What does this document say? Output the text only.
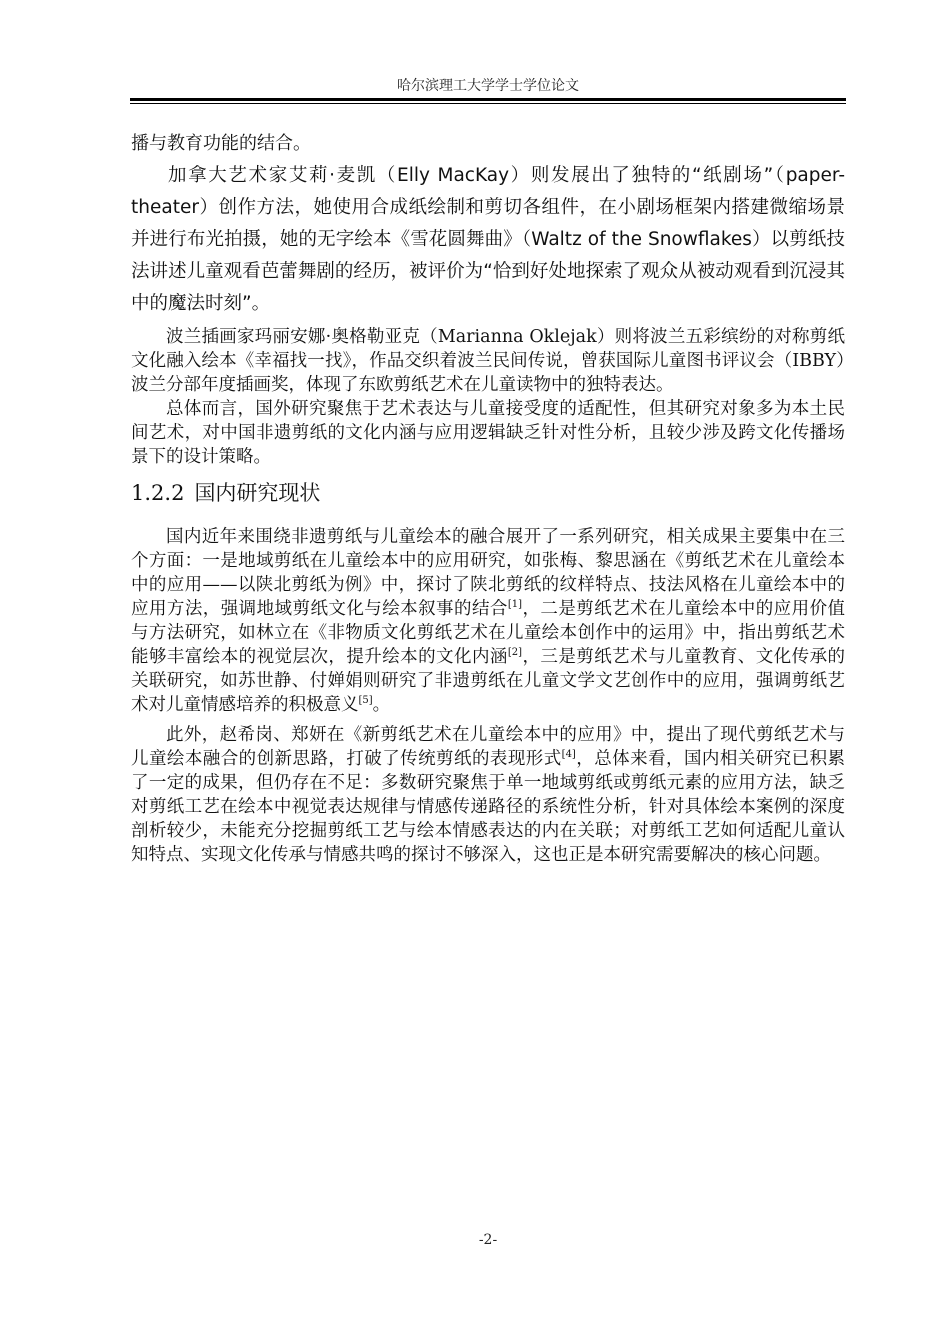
哈尔滨理工大学学士学位论文

播与教育功能的结合。

加拿大艺术家艾莉·麦凯（Elly MacKay）则发展出了独特的“纸剧场”（paper-theater）创作方法，她使用合成纸绘制和剪切各组件，在小剧场框架内搭建微缩场景并进行布光拍摄，她的无字绘本《雪花圆舞曲》（Waltz of the Snowflakes）以剪纸技法讲述儿童观看芭蕾舞剧的经历，被评价为“恰到好处地探索了观众从被动观看到沉浸其中的魔法时刻”。

波兰插画家玛丽安娜·奥格勒亚克（Marianna Oklejak）则将波兰五彩缤纷的对称剪纸文化融入绘本《幸福找一找》，作品交织着波兰民间传说，曾获国际儿童图书评议会（IBBY）波兰分部年度插画奖，体现了东欧剪纸艺术在儿童读物中的独特表达。

总体而言，国外研究聚焦于艺术表达与儿童接受度的适配性，但其研究对象多为本土民间艺术，对中国非遗剪纸的文化内涵与应用逻辑缺乏针对性分析，且较少涉及跨文化传播场景下的设计策略。

1.2.2 国内研究现状

国内近年来围绕非遗剪纸与儿童绘本的融合展开了一系列研究，相关成果主要集中在三个方面：一是地域剪纸在儿童绘本中的应用研究，如张梅、黎思涵在《剪纸艺术在儿童绘本中的应用——以陕北剪纸为例》中，探讨了陕北剪纸的纹样特点、技法风格在儿童绘本中的应用方法，强调地域剪纸文化与绘本叙事的结合[1]，二是剪纸艺术在儿童绘本中的应用价值与方法研究，如林立在《非物质文化剪纸艺术在儿童绘本创作中的运用》中，指出剪纸艺术能够丰富绘本的视觉层次，提升绘本的文化内涵[2]，三是剪纸艺术与儿童教育、文化传承的关联研究，如苏世静、付婵娟则研究了非遗剪纸在儿童文学文艺创作中的应用，强调剪纸艺术对儿童情感培养的积极意义[5]。

此外，赵希岗、郑妍在《新剪纸艺术在儿童绘本中的应用》中，提出了现代剪纸艺术与儿童绘本融合的创新思路，打破了传统剪纸的表现形式[4]，总体来看，国内相关研究已积累了一定的成果，但仍存在不足：多数研究聚焦于单一地域剪纸或剪纸元素的应用方法，缺乏对剪纸工艺在绘本中视觉表达规律与情感传递路径的系统性分析，针对具体绘本案例的深度剖析较少，未能充分挖掘剪纸工艺与绘本情感表达的内在关联；对剪纸工艺如何适配儿童认知特点、实现文化传承与情感共鸣的探讨不够深入，这也正是本研究需要解决的核心问题。

-2-
